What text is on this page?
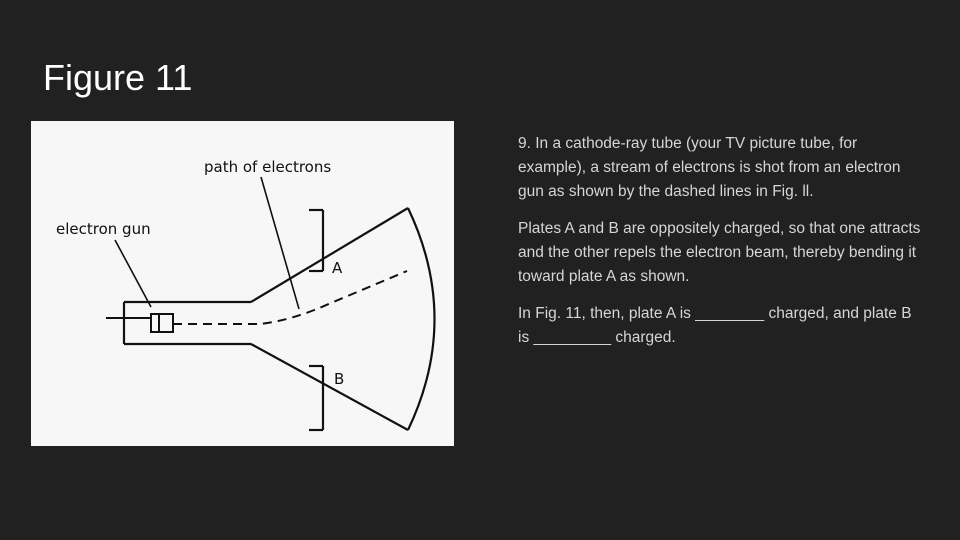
Figure 11
path of electrons
electron gun
A
B

9. In a cathode-ray tube (your TV picture tube, for example), a stream of electrons is shot from an electron gun as shown by the dashed lines in Fig. ll.

Plates A and B are oppositely charged, so that one attracts and the other repels the electron beam, thereby bending it toward plate A as shown.

In Fig. 11, then, plate A is ________ charged, and plate B is _________ charged.
